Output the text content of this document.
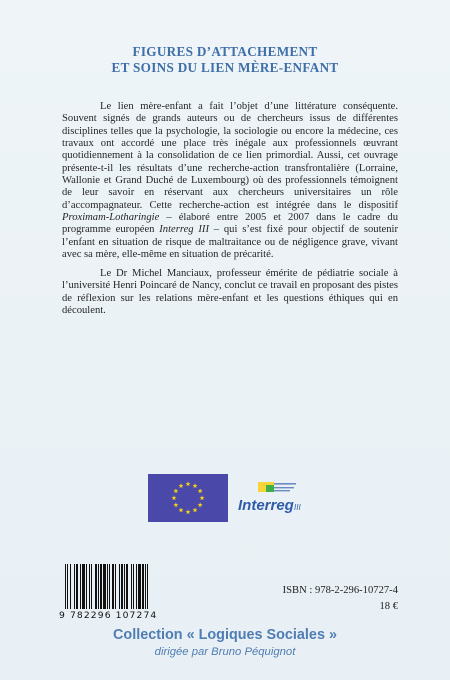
FIGURES D’ATTACHEMENT
ET SOINS DU LIEN MÈRE-ENFANT

Le lien mère-enfant a fait l’objet d’une littérature conséquente. Souvent signés de grands auteurs ou de chercheurs issus de différentes disciplines telles que la psychologie, la sociologie ou encore la médecine, ces travaux ont accordé une place très inégale aux professionnels œuvrant quotidiennement à la consolidation de ce lien primordial. Aussi, cet ouvrage présente-t-il les résultats d’une recherche-action transfrontalière (Lorraine, Wallonie et Grand Duché de Luxembourg) où des professionnels témoignent de leur savoir en réservant aux chercheurs universitaires un rôle d’accompagnateur. Cette recherche-action est intégrée dans le dispositif Proximam-Lotharingie – élaboré entre 2005 et 2007 dans le cadre du programme européen Interreg III – qui s’est fixé pour objectif de soutenir l’enfant en situation de risque de maltraitance ou de négligence grave, vivant avec sa mère, elle-même en situation de précarité.

Le Dr Michel Manciaux, professeur émérite de pédiatrie sociale à l’université Henri Poincaré de Nancy, conclut ce travail en proposant des pistes de réflexion sur les relations mère-enfant et les questions éthiques qui en découlent.

Interreg III
9 782296 107274
ISBN : 978-2-296-10727-4
18 €
Collection « Logiques Sociales »
dirigée par Bruno Péquignot
